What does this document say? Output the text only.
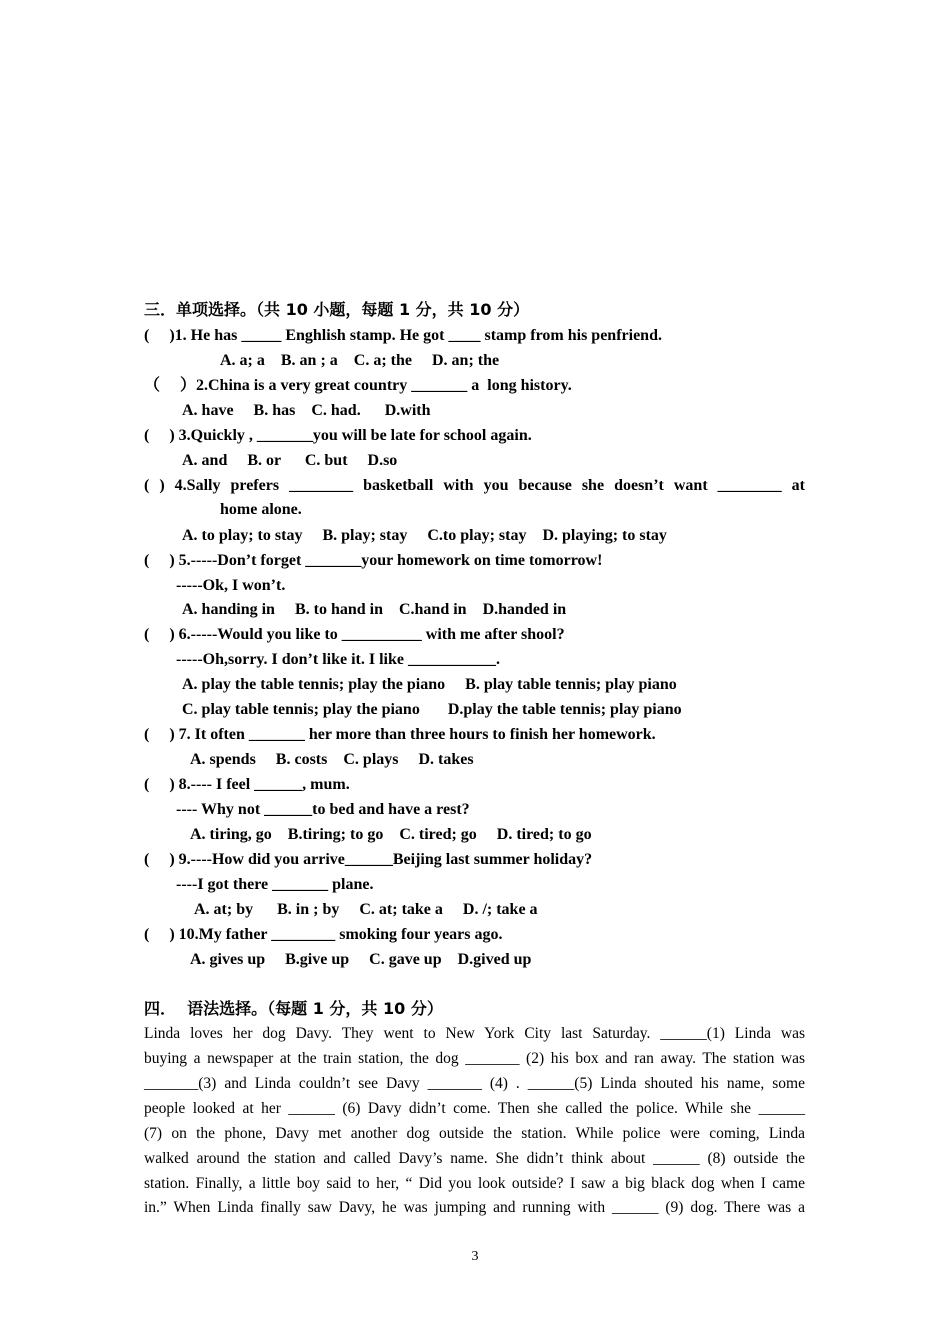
三．单项选择。（共 10 小题，每题 1 分，共 10 分）
(     )1. He has _____ Enghlish stamp. He got ____ stamp from his penfriend.
A. a; a    B. an ; a    C. a; the     D. an; the
（     ）2.China is a very great country _______ a  long history.
A. have     B. has    C. had.      D.with
(     ) 3.Quickly , _______you will be late for school again.
A. and     B. or      C. but     D.so
( ) 4.Sally prefers ________ basketball with you because she doesn’t want ________ at
home alone.
A. to play; to stay     B. play; stay     C.to play; stay    D. playing; to stay
(     ) 5.-----Don’t forget _______your homework on time tomorrow!
-----Ok, I won’t.
A. handing in     B. to hand in    C.hand in    D.handed in
(     ) 6.-----Would you like to __________ with me after shool?
-----Oh,sorry. I don’t like it. I like ___________.
A. play the table tennis; play the piano     B. play table tennis; play piano
C. play table tennis; play the piano       D.play the table tennis; play piano
(     ) 7. It often _______ her more than three hours to finish her homework.
A. spends     B. costs    C. plays     D. takes
(     ) 8.---- I feel ______, mum.
---- Why not ______to bed and have a rest?
A. tiring, go    B.tiring; to go    C. tired; go     D. tired; to go
(     ) 9.----How did you arrive______Beijing last summer holiday?
----I got there _______ plane.
A. at; by      B. in ; by     C. at; take a     D. /; take a
(     ) 10.My father ________ smoking four years ago.
A. gives up     B.give up     C. gave up    D.gived up
四．  语法选择。（每题 1 分，共 10 分）
Linda loves her dog Davy. They went to New York City last Saturday. ______(1) Linda was
buying a newspaper at the train station, the dog _______ (2) his box and ran away. The station was
_______(3) and Linda couldn’t see Davy _______ (4) . ______(5) Linda shouted his name, some
people looked at her ______ (6) Davy didn’t come. Then she called the police. While she ______
(7) on the phone, Davy met another dog outside the station. While police were coming, Linda
walked around the station and called Davy’s name. She didn’t think about ______ (8) outside the
station. Finally, a little boy said to her, “ Did you look outside? I saw a big black dog when I came
in.” When Linda finally saw Davy, he was jumping and running with ______ (9) dog. There was a
3
